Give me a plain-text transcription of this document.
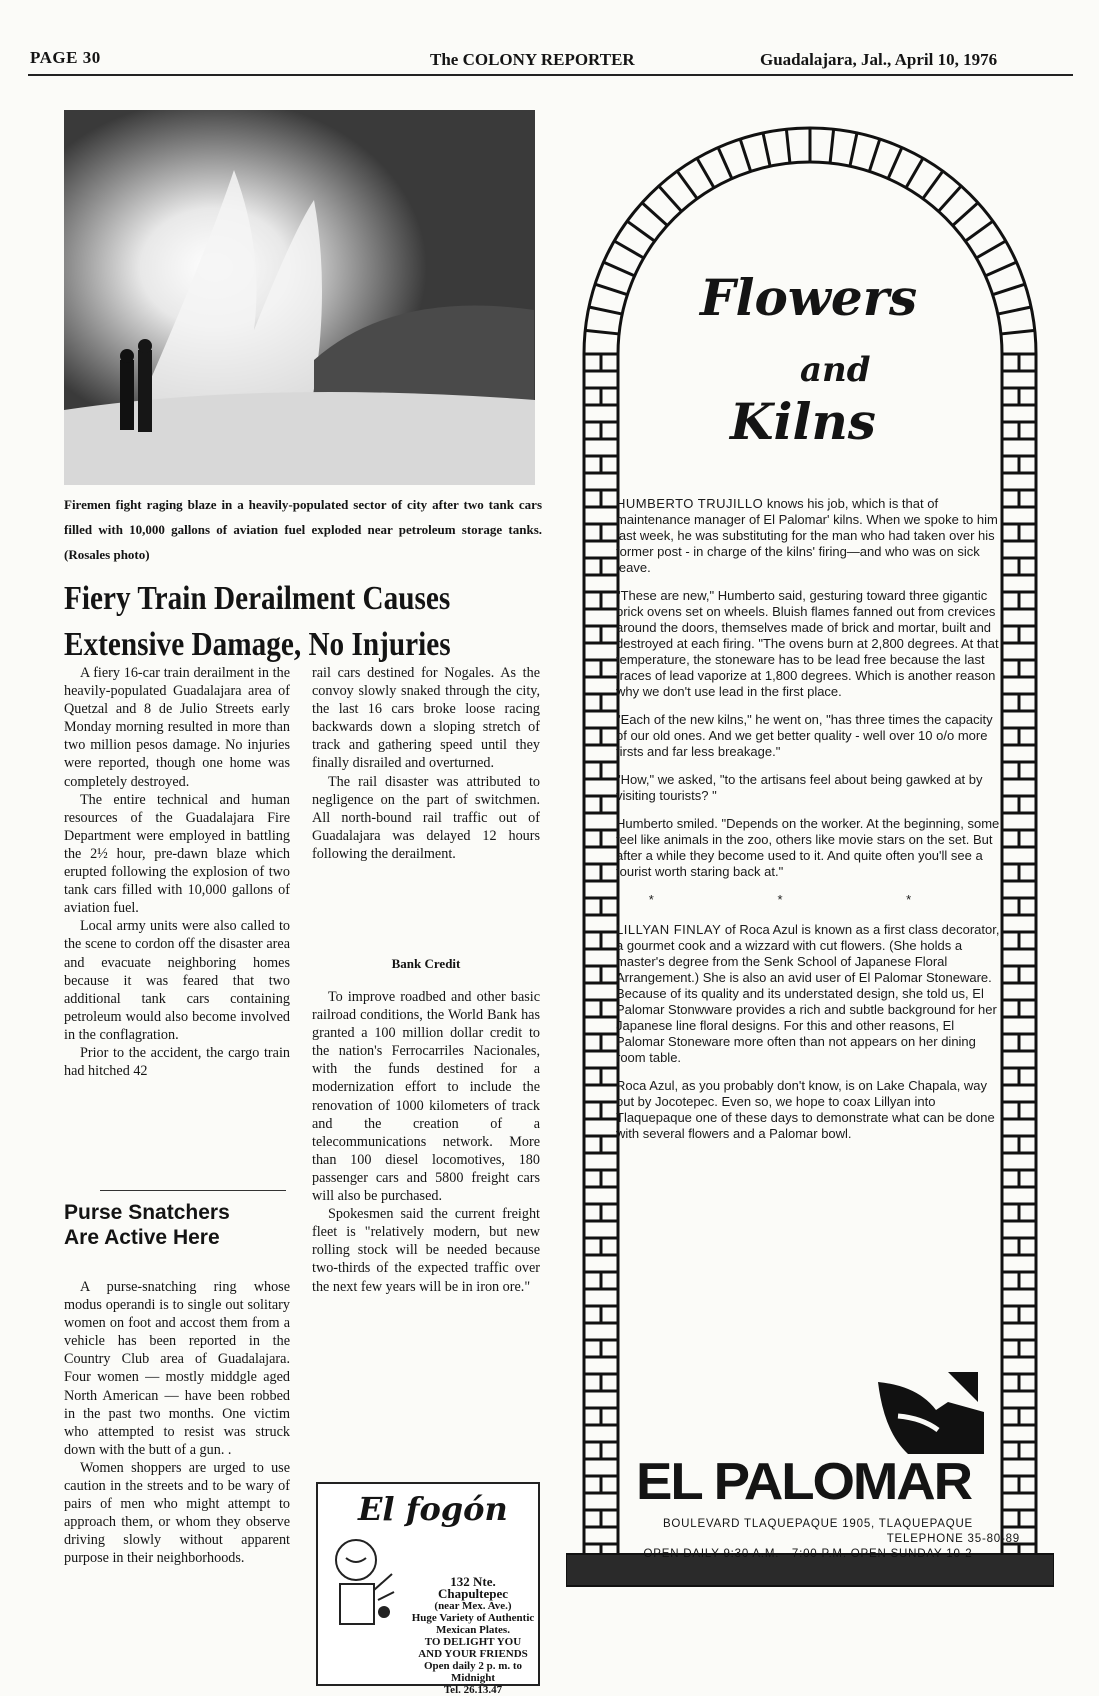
PAGE 30	The COLONY REPORTER	Guadalajara, Jal., April 10, 1976
Firemen fight raging blaze in a heavily-populated sector of city after two tank cars filled with 10,000 gallons of aviation fuel exploded near petroleum storage tanks. (Rosales photo)
Fiery Train Derailment Causes
Extensive Damage, No Injuries

A fiery 16-car train derailment in the heavily-populated Guadalajara area of Quetzal and 8 de Julio Streets early Monday morning resulted in more than two million pesos damage. No injuries were reported, though one home was completely destroyed.

The entire technical and human resources of the Guadalajara Fire Department were employed in battling the 2½ hour, pre-dawn blaze which erupted following the explosion of two tank cars filled with 10,000 gallons of aviation fuel.

Local army units were also called to the scene to cordon off the disaster area and evacuate neighboring homes because it was feared that two additional tank cars containing petroleum would also become involved in the conflagration.

Prior to the accident, the cargo train had hitched 42

Purse Snatchers
Are Active Here

A purse-snatching ring whose modus operandi is to single out solitary women on foot and accost them from a vehicle has been reported in the Country Club area of Guadalajara. Four women — mostly middgle aged North American — have been robbed in the past two months. One victim who attempted to resist was struck down with the butt of a gun. .

Women shoppers are urged to use caution in the streets and to be wary of pairs of men who might attempt to approach them, or whom they observe driving slowly without apparent purpose in their neighborhoods.

rail cars destined for Nogales. As the convoy slowly snaked through the city, the last 16 cars broke loose racing backwards down a sloping stretch of track and gathering speed until they finally disrailed and overturned.

The rail disaster was attributed to negligence on the part of switchmen. All north-bound rail traffic out of Guadalajara was delayed 12 hours following the derailment.

Bank Credit

To improve roadbed and other basic railroad conditions, the World Bank has granted a 100 million dollar credit to the nation's Ferrocarriles Nacionales, with the funds destined for a modernization effort to include the renovation of 1000 kilometers of track and the creation of a telecommunications network. More than 100 diesel locomotives, 180 passenger cars and 5800 freight cars will also be purchased.

Spokesmen said the current freight fleet is "relatively modern, but new rolling stock will be needed because two-thirds of the expected traffic over the next few years will be in iron ore."

El fogón
132 Nte.
Chapultepec
(near Mex. Ave.)
Huge Variety of Authentic
Mexican Plates.
TO DELIGHT YOU
AND YOUR FRIENDS
Open daily 2 p. m. to
Midnight
Tel. 26.13.47
Flowers
and
Kilns

HUMBERTO TRUJILLO knows his job, which is that of maintenance manager of El Palomar' kilns. When we spoke to him last week, he was substituting for the man who had taken over his former post - in charge of the kilns' firing—and who was on sick leave.

"These are new," Humberto said, gesturing toward three gigantic brick ovens set on wheels. Bluish flames fanned out from crevices around the doors, themselves made of brick and mortar, built and destroyed at each firing. "The ovens burn at 2,800 degrees. At that temperature, the stoneware has to be lead free because the last traces of lead vaporize at 1,800 degrees. Which is another reason why we don't use lead in the first place.

"Each of the new kilns," he went on, "has three times the capacity of our old ones. And we get better quality - well over 10 o/o more firsts and far less breakage."

"How," we asked, "to the artisans feel about being gawked at by visiting tourists? "

Humberto smiled. "Depends on the worker. At the beginning, some feel like animals in the zoo, others like movie stars on the set. But after a while they become used to it. And quite often you'll see a tourist worth staring back at."

* * *

LILLYAN FINLAY of Roca Azul is known as a first class decorator, a gourmet cook and a wizzard with cut flowers. (She holds a master's degree from the Senk School of Japanese Floral Arrangement.) She is also an avid user of El Palomar Stoneware. Because of its quality and its understated design, she told us, El Palomar Stonwware provides a rich and subtle background for her Japanese line floral designs. For this and other reasons, El Palomar Stoneware more often than not appears on her dining room table.

Roca Azul, as you probably don't know, is on Lake Chapala, way out by Jocotepec. Even so, we hope to coax Lillyan into Tlaquepaque one of these days to demonstrate what can be done with several flowers and a Palomar bowl.

EL PALOMAR
BOULEVARD TLAQUEPAQUE 1905, TLAQUEPAQUE
TELEPHONE 35-80-89
OPEN DAILY 9:30 A.M. - 7:00 P.M. OPEN SUNDAY 10-2
